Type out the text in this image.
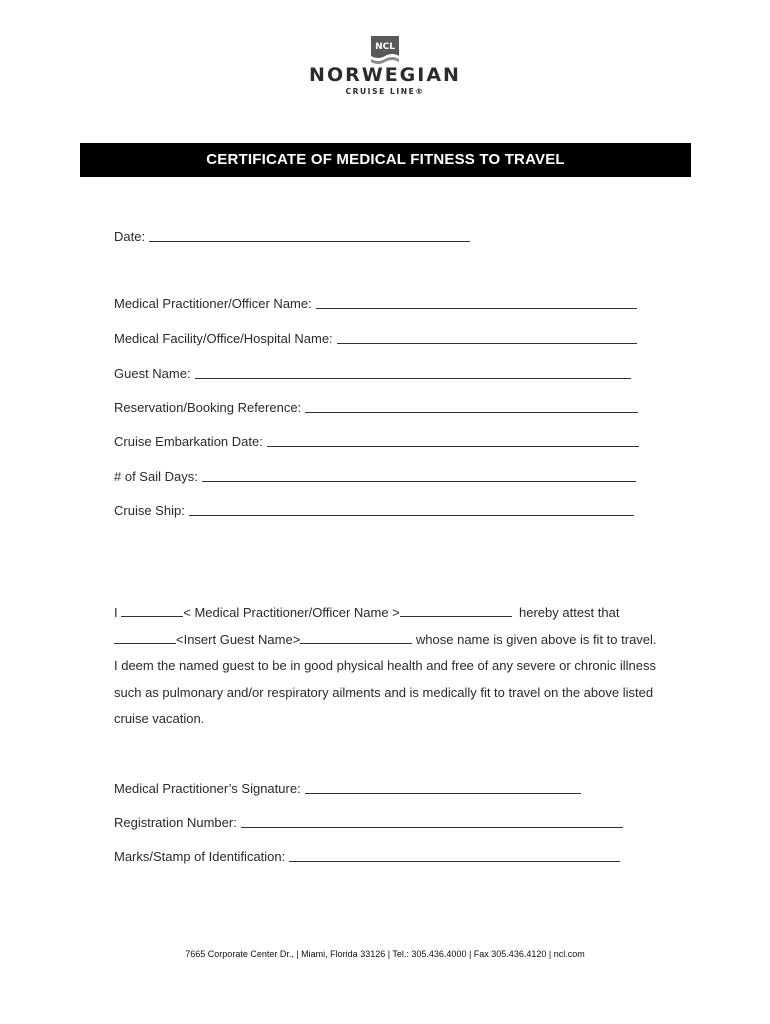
NCL
NORWEGIAN
CRUISE LINE®
CERTIFICATE OF MEDICAL FITNESS TO TRAVEL
Date:
Medical Practitioner/Officer Name:
Medical Facility/Office/Hospital Name:
Guest Name:
Reservation/Booking Reference:
Cruise Embarkation Date:
# of Sail Days:
Cruise Ship:
I	< Medical Practitioner/Officer Name >	hereby attest that
<Insert Guest Name>	whose name is given above is fit to travel.
I deem the named guest to be in good physical health and free of any severe or chronic illness
such as pulmonary and/or respiratory ailments and is medically fit to travel on the above listed
cruise vacation.
Medical Practitioner’s Signature:
Registration Number:
Marks/Stamp of Identification:
7665 Corporate Center Dr., | Miami, Florida 33126 | Tel.: 305.436.4000 | Fax 305.436.4120 | ncl.com
